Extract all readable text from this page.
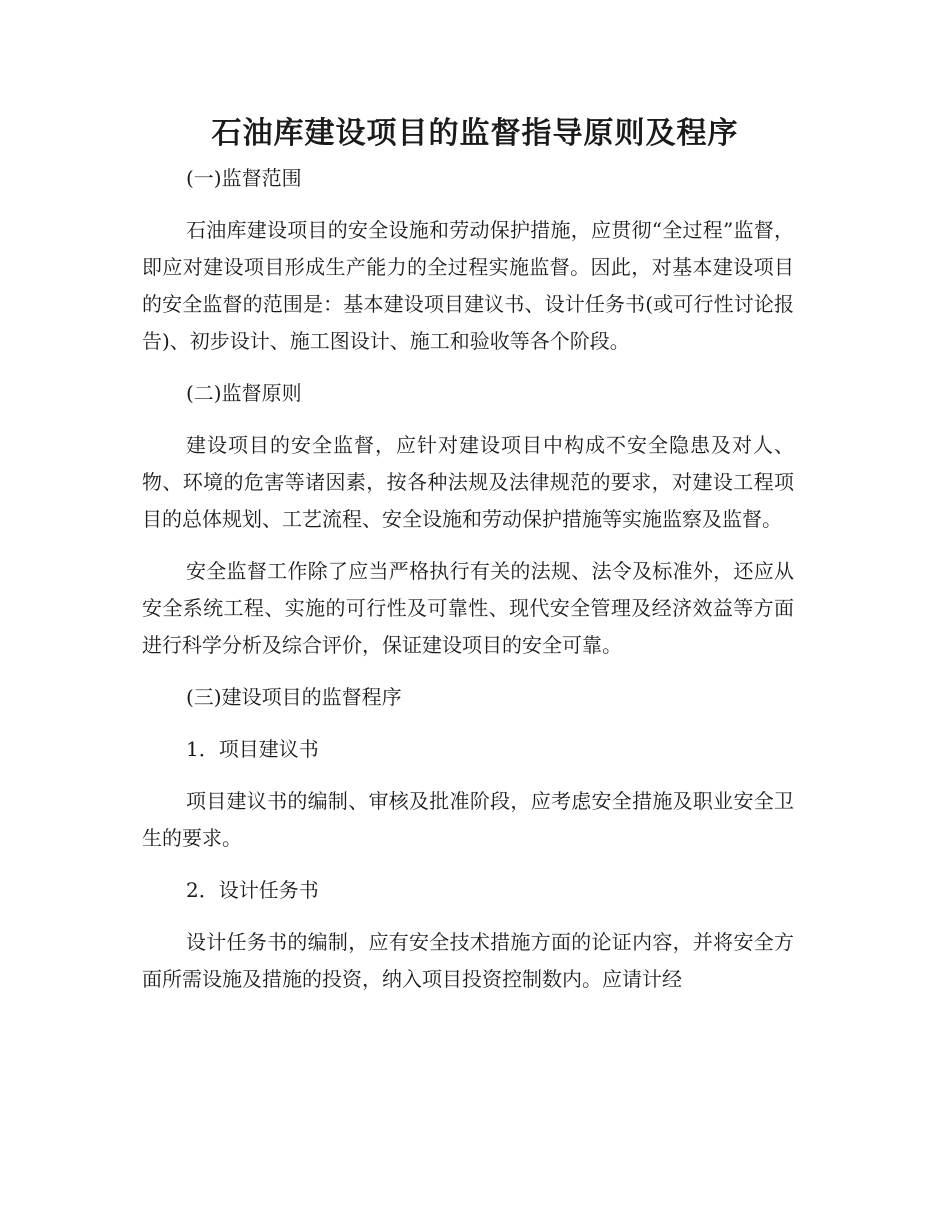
石油库建设项目的监督指导原则及程序

(一)监督范围

石油库建设项目的安全设施和劳动保护措施，应贯彻“全过程”监督，即应对建设项目形成生产能力的全过程实施监督。因此，对基本建设项目的安全监督的范围是：基本建设项目建议书、设计任务书(或可行性讨论报告)、初步设计、施工图设计、施工和验收等各个阶段。

(二)监督原则

建设项目的安全监督，应针对建设项目中构成不安全隐患及对人、物、环境的危害等诸因素，按各种法规及法律规范的要求，对建设工程项目的总体规划、工艺流程、安全设施和劳动保护措施等实施监察及监督。

安全监督工作除了应当严格执行有关的法规、法令及标准外，还应从安全系统工程、实施的可行性及可靠性、现代安全管理及经济效益等方面进行科学分析及综合评价，保证建设项目的安全可靠。

(三)建设项目的监督程序

1．项目建议书

项目建议书的编制、审核及批准阶段，应考虑安全措施及职业安全卫生的要求。

2．设计任务书

设计任务书的编制，应有安全技术措施方面的论证内容，并将安全方面所需设施及措施的投资，纳入项目投资控制数内。应请计经
